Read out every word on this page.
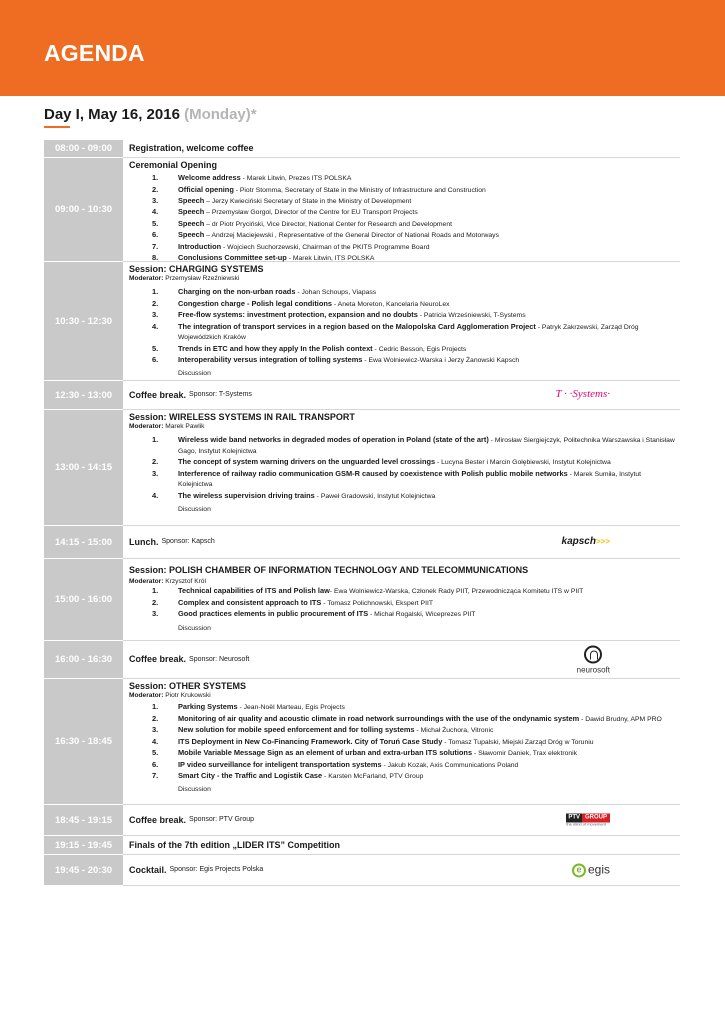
AGENDA
Day I, May 16, 2016 (Monday)*
08:00 - 09:00	Registration, welcome coffee
09:00 - 10:30
Ceremonial Opening
1.	Welcome address - Marek Litwin, Prezes ITS POLSKA
2.	Official opening - Piotr Stomma, Secretary of State in the Ministry of Infrastructure and Construction
3.	Speech – Jerzy Kwieciński Secretary of State in the Ministry of Development
4.	Speech – Przemysław Gorgol, Director of the Centre for EU Transport Projects
5.	Speech – dr Piotr Pryciński, Vice Director, National Center for Research and Development
6.	Speech – Andrzej Maciejewski , Representative of the General Director of National Roads and Motorways
7.	Introduction - Wojciech Suchorzewski, Chairman of the PKITS Programme Board
8.	Conclusions Committee set-up - Marek Litwin, ITS POLSKA
10:30 - 12:30
Session: CHARGING SYSTEMS
Moderator: Przemysław Rzeźniewski
1.	Charging on the non-urban roads - Johan Schoups, Viapass
2.	Congestion charge - Polish legal conditions - Aneta Moreton, Kancelaria NeuroLex
3.	Free-flow systems: investment protection, expansion and no doubts - Patricia Wrześniewski, T-Systems
4.	The integration of transport services in a region based on the Malopolska Card Agglomeration Project - Patryk Zakrzewski, Zarząd Dróg Wojewódzkich Kraków
5.	Trends in ETC and how they apply In the Polish context - Cedric Besson, Egis Projects
6.	Interoperability versus integration of tolling systems - Ewa Wolniewicz-Warska i Jerzy Żanowski Kapsch
Discussion
12:30 - 13:00	Coffee break. Sponsor: T-Systems	T · ·Systems·
13:00 - 14:15
Session: WIRELESS SYSTEMS IN RAIL TRANSPORT
Moderator: Marek Pawlik
1.	Wireless wide band networks in degraded modes of operation in Poland (state of the art) - Mirosław Siergiejczyk, Politechnika Warszawska i Stanisław Gago, Instytut Kolejnictwa
2.	The concept of system warning drivers on the unguarded level crossings - Lucyna Bester i Marcin Gołębiewski, Instytut Kolejnictwa
3.	Interference of railway radio communication GSM-R caused by coexistence with Polish public mobile networks - Marek Sumiła, Instytut Kolejnictwa
4.	The wireless supervision driving trains - Paweł Gradowski, Instytut Kolejnictwa
Discussion
14:15 - 15:00	Lunch. Sponsor: Kapsch	kapsch>>>
15:00 - 16:00
Session: POLISH CHAMBER OF INFORMATION TECHNOLOGY AND TELECOMMUNICATIONS
Moderator: Krzysztof Król
1.	Technical capabilities of ITS and Polish law- Ewa Wolniewicz-Warska, Członek Rady PIIT, Przewodnicząca Komitetu ITS w PIIT
2.	Complex and consistent approach to ITS - Tomasz Polichnowski, Ekspert PIIT
3.	Good practices elements in public procurement of ITS - Michał Rogalski, Wiceprezes PIIT
Discussion
16:00 - 16:30	Coffee break. Sponsor: Neurosoft
neurosoft
16:30 - 18:45
Session: OTHER SYSTEMS
Moderator: Piotr Krukowski
1.	Parking Systems - Jean-Noël Marteau, Egis Projects
2.	Monitoring of air quality and acoustic climate in road network surroundings with the use of the ondynamic system - Dawid Brudny, APM PRO
3.	New solution for mobile speed enforcement and for tolling systems - Michał Żuchora, Vitronic
4.	ITS Deployment in New Co-Financing Framework. City of Toruń Case Study - Tomasz Tupalski, Miejski Zarząd Dróg w Toruniu
5.	Mobile Variable Message Sign as an element of urban and extra-urban ITS solutions - Sławomir Daniek, Trax elektronik
6.	IP video surveillance for inteligent transportation systems - Jakub Kozak, Axis Communications Poland
7.	Smart City - the Traffic and Logistik Case - Karsten McFarland, PTV Group
Discussion
18:45 - 19:15	Coffee break. Sponsor: PTV Group	PTV GROUP

the mind of movement
19:15 - 19:45	Finals of the 7th edition „LIDER ITS” Competition
19:45 - 20:30	Cocktail. Sponsor: Egis Projects Polska	e egis
